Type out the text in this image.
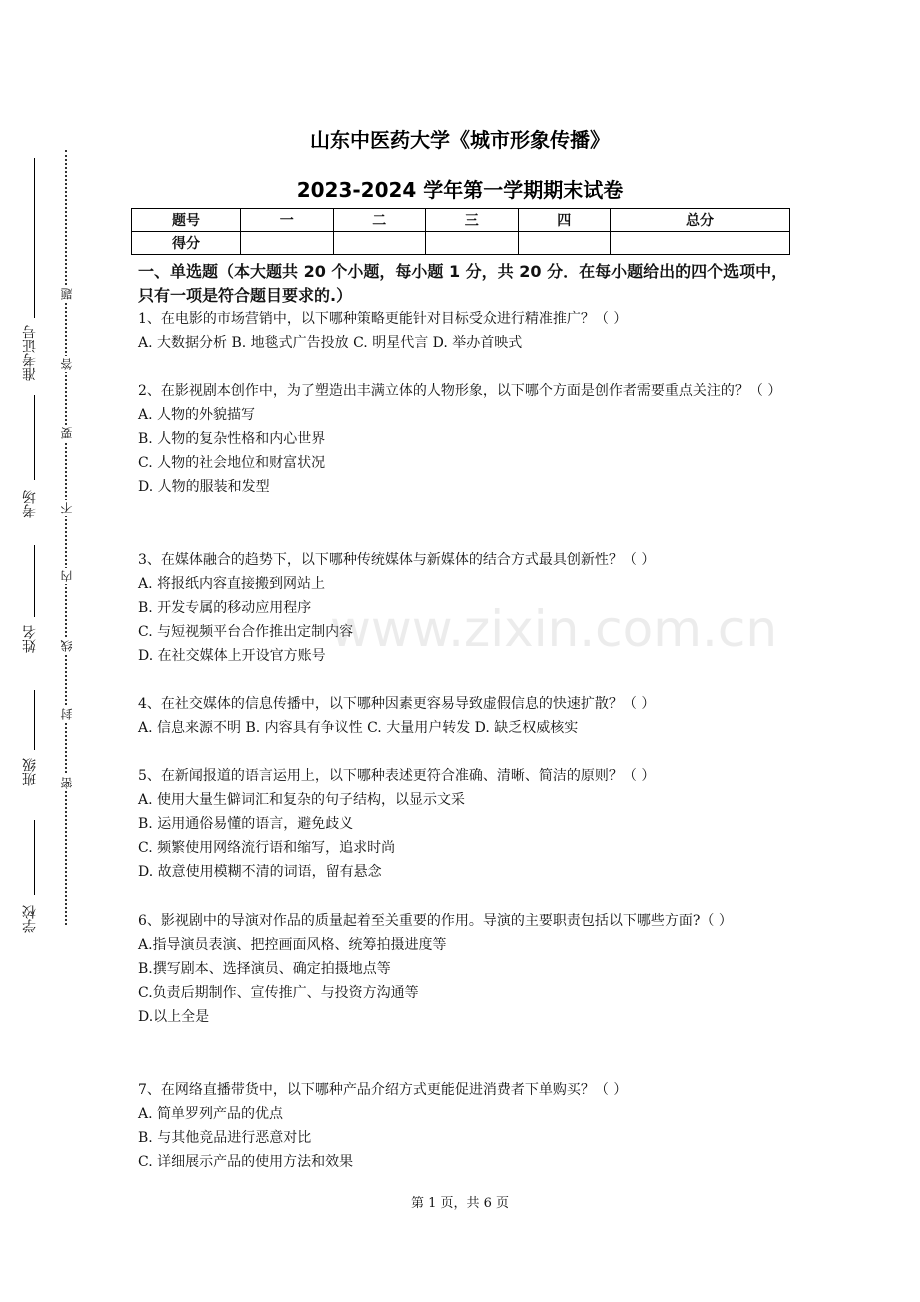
准考证号
考场
姓名
班级
学校
题
答
要
不
内
线
封
密
山东中医药大学《城市形象传播》
2023-2024 学年第一学期期末试卷
题号	一	二	三	四	总分
得分					
一、单选题（本大题共 20 个小题，每小题 1 分，共 20 分．在每小题给出的四个选项中，只有一项是符合题目要求的.）
1、在电影的市场营销中，以下哪种策略更能针对目标受众进行精准推广？（ ）
A. 大数据分析 B. 地毯式广告投放 C. 明星代言 D. 举办首映式
2、在影视剧本创作中，为了塑造出丰满立体的人物形象，以下哪个方面是创作者需要重点关注的？（ ）
A. 人物的外貌描写
B. 人物的复杂性格和内心世界
C. 人物的社会地位和财富状况
D. 人物的服装和发型
3、在媒体融合的趋势下，以下哪种传统媒体与新媒体的结合方式最具创新性？（ ）
A. 将报纸内容直接搬到网站上
B. 开发专属的移动应用程序
C. 与短视频平台合作推出定制内容
D. 在社交媒体上开设官方账号
4、在社交媒体的信息传播中，以下哪种因素更容易导致虚假信息的快速扩散？（ ）
A. 信息来源不明 B. 内容具有争议性 C. 大量用户转发 D. 缺乏权威核实
5、在新闻报道的语言运用上，以下哪种表述更符合准确、清晰、简洁的原则？（ ）
A. 使用大量生僻词汇和复杂的句子结构，以显示文采
B. 运用通俗易懂的语言，避免歧义
C. 频繁使用网络流行语和缩写，追求时尚
D. 故意使用模糊不清的词语，留有悬念
6、影视剧中的导演对作品的质量起着至关重要的作用。导演的主要职责包括以下哪些方面?（ ）
A.指导演员表演、把控画面风格、统筹拍摄进度等
B.撰写剧本、选择演员、确定拍摄地点等
C.负责后期制作、宣传推广、与投资方沟通等
D.以上全是
7、在网络直播带货中，以下哪种产品介绍方式更能促进消费者下单购买？（ ）
A. 简单罗列产品的优点
B. 与其他竞品进行恶意对比
C. 详细展示产品的使用方法和效果
www.zixin.com.cn
第 1 页，共 6 页
